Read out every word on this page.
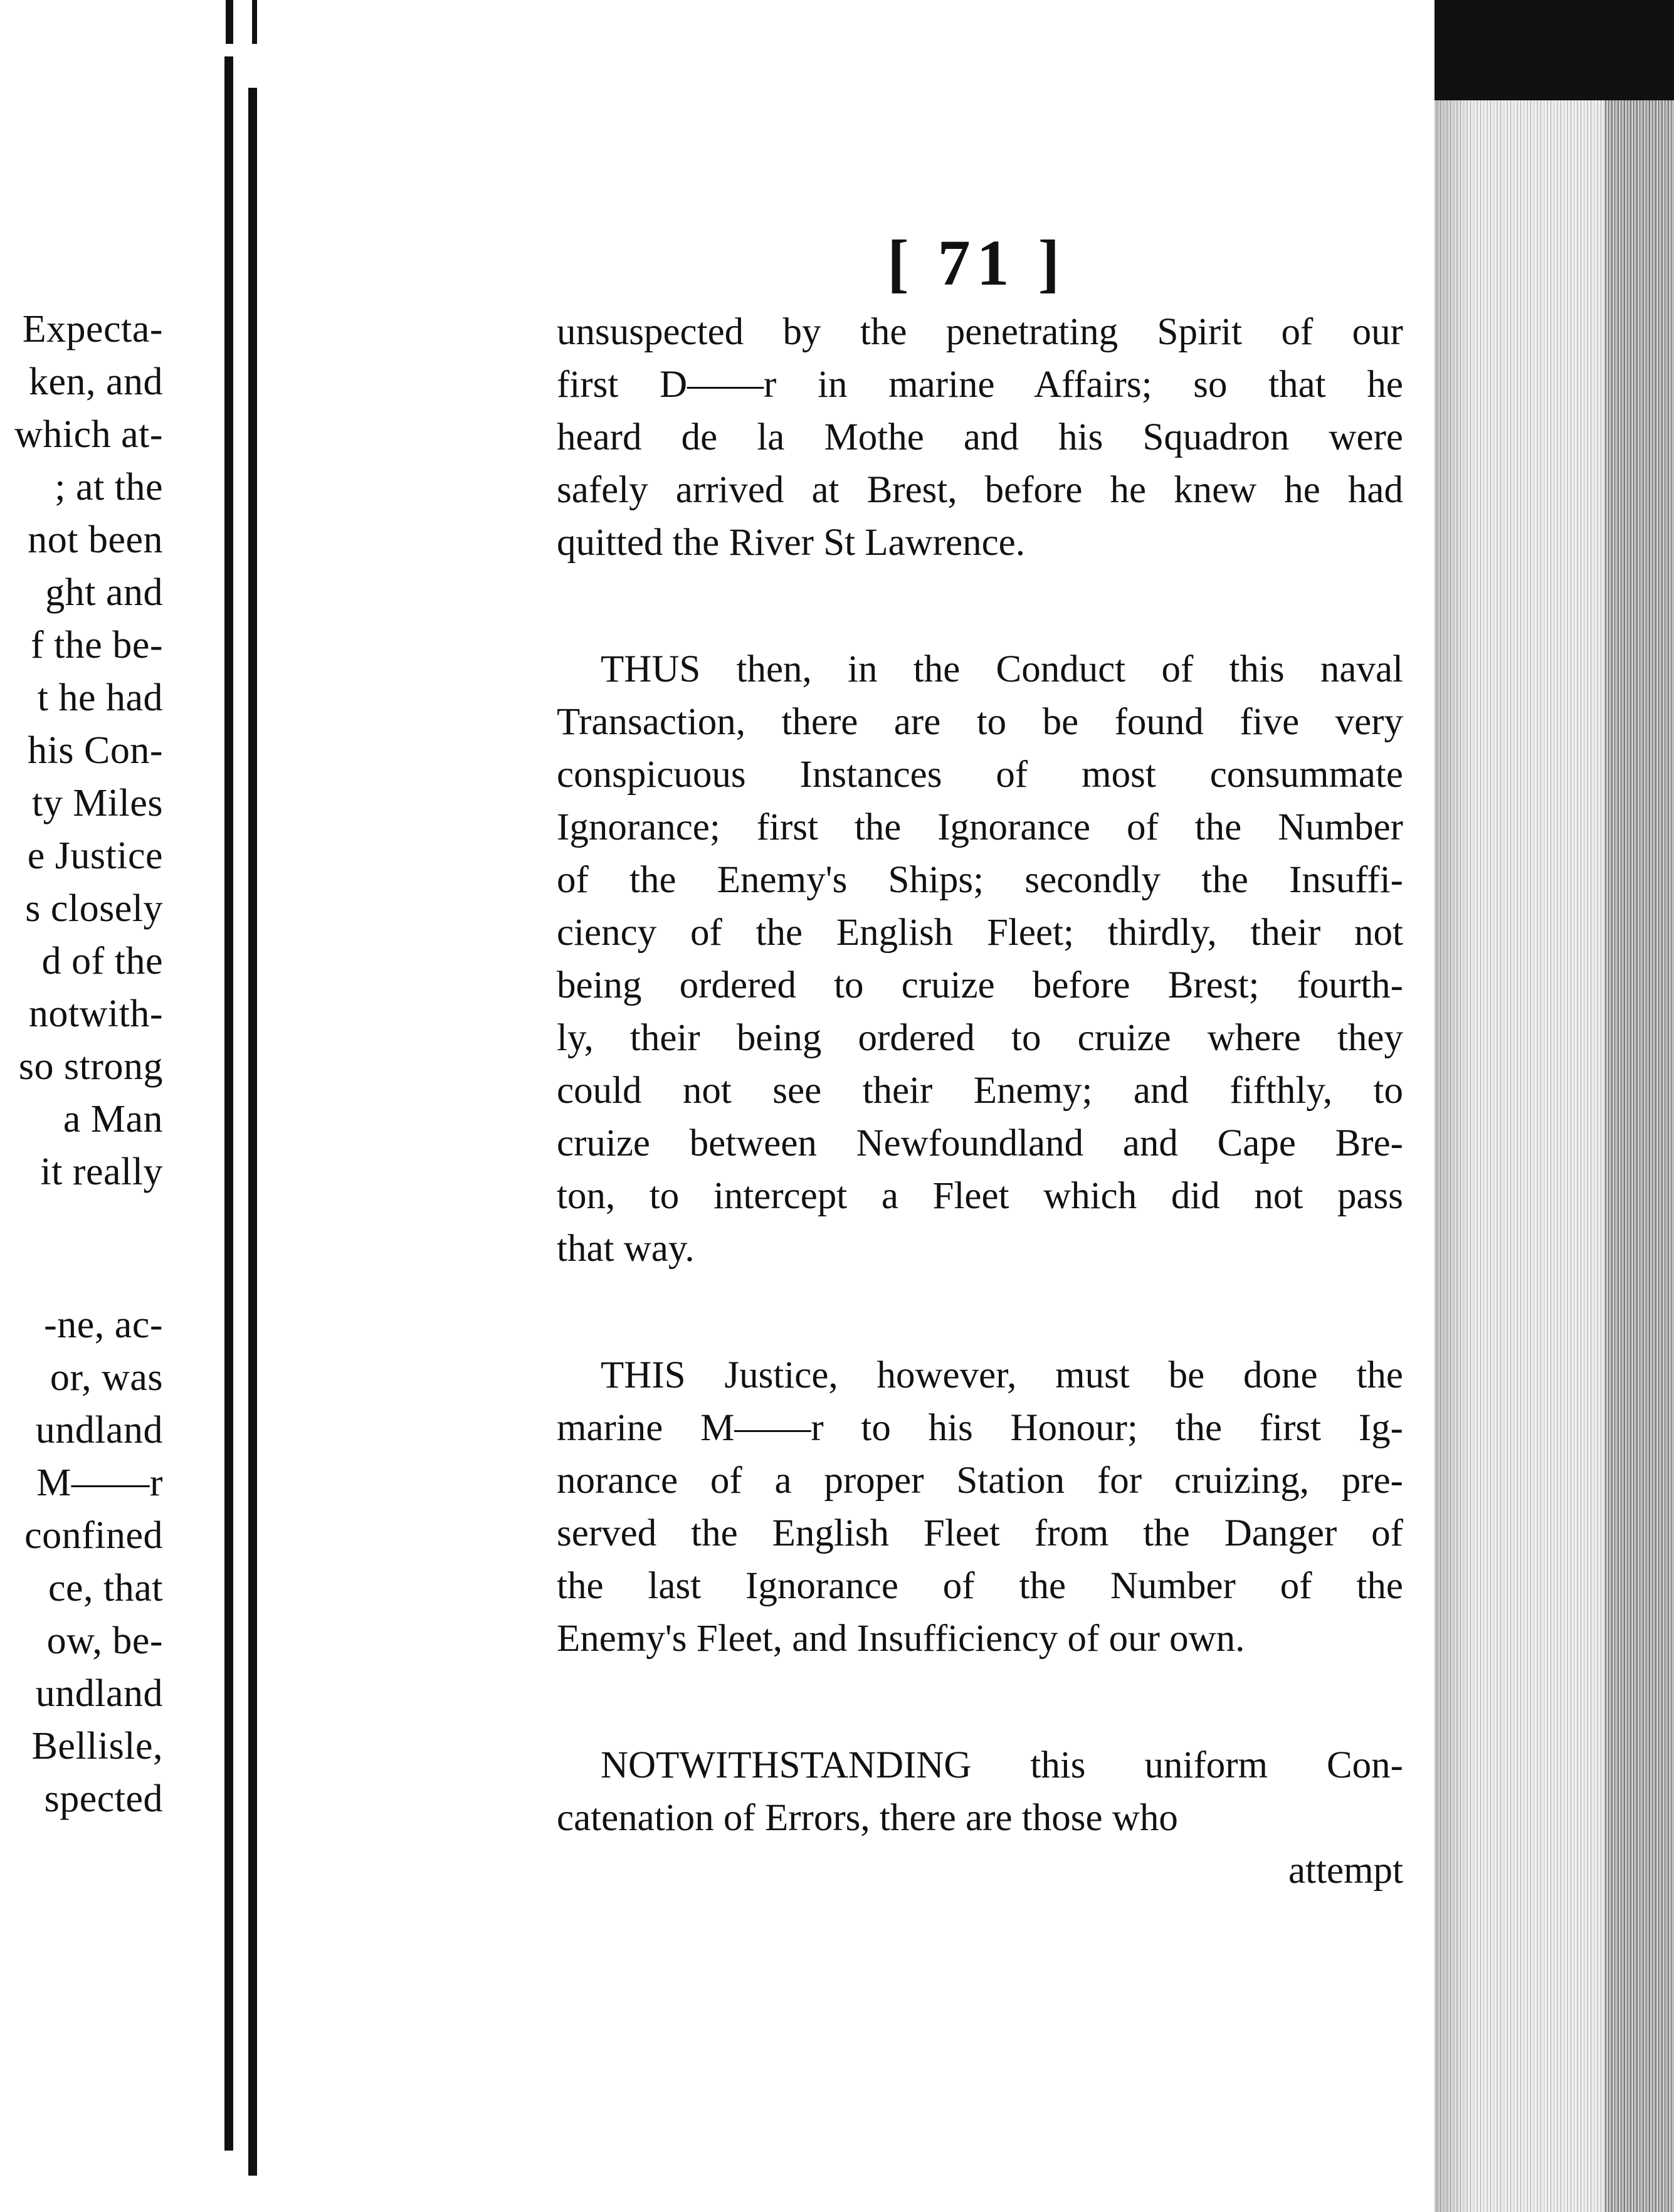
Expecta-
ken, and
which at-
; at the
not been
ght and
f the be-
t he had
his Con-
ty Miles
e Justice
s closely
d of the
notwith-
so strong
a Man
it really
-ne, ac-
or, was
undland
M——r
confined
ce, that
ow, be-
undland
Bellisle,
spected
[ 71 ]
unsuspected by the penetrating Spirit of our
first D——r in marine Affairs; so that he
heard de la Mothe and his Squadron were
safely arrived at Brest, before he knew he had
quitted the River St Lawrence.
THUS then, in the Conduct of this naval
Transaction, there are to be found five very
conspicuous Instances of most consummate
Ignorance; first the Ignorance of the Number
of the Enemy's Ships; secondly the Insuffi-
ciency of the English Fleet; thirdly, their not
being ordered to cruize before Brest; fourth-
ly, their being ordered to cruize where they
could not see their Enemy; and fifthly, to
cruize between Newfoundland and Cape Bre-
ton, to intercept a Fleet which did not pass
that way.
THIS Justice, however, must be done the
marine M——r to his Honour; the first Ig-
norance of a proper Station for cruizing, pre-
served the English Fleet from the Danger of
the last Ignorance of the Number of the
Enemy's Fleet, and Insufficiency of our own.
NOTWITHSTANDING this uniform Con-
catenation of Errors, there are those who
attempt
